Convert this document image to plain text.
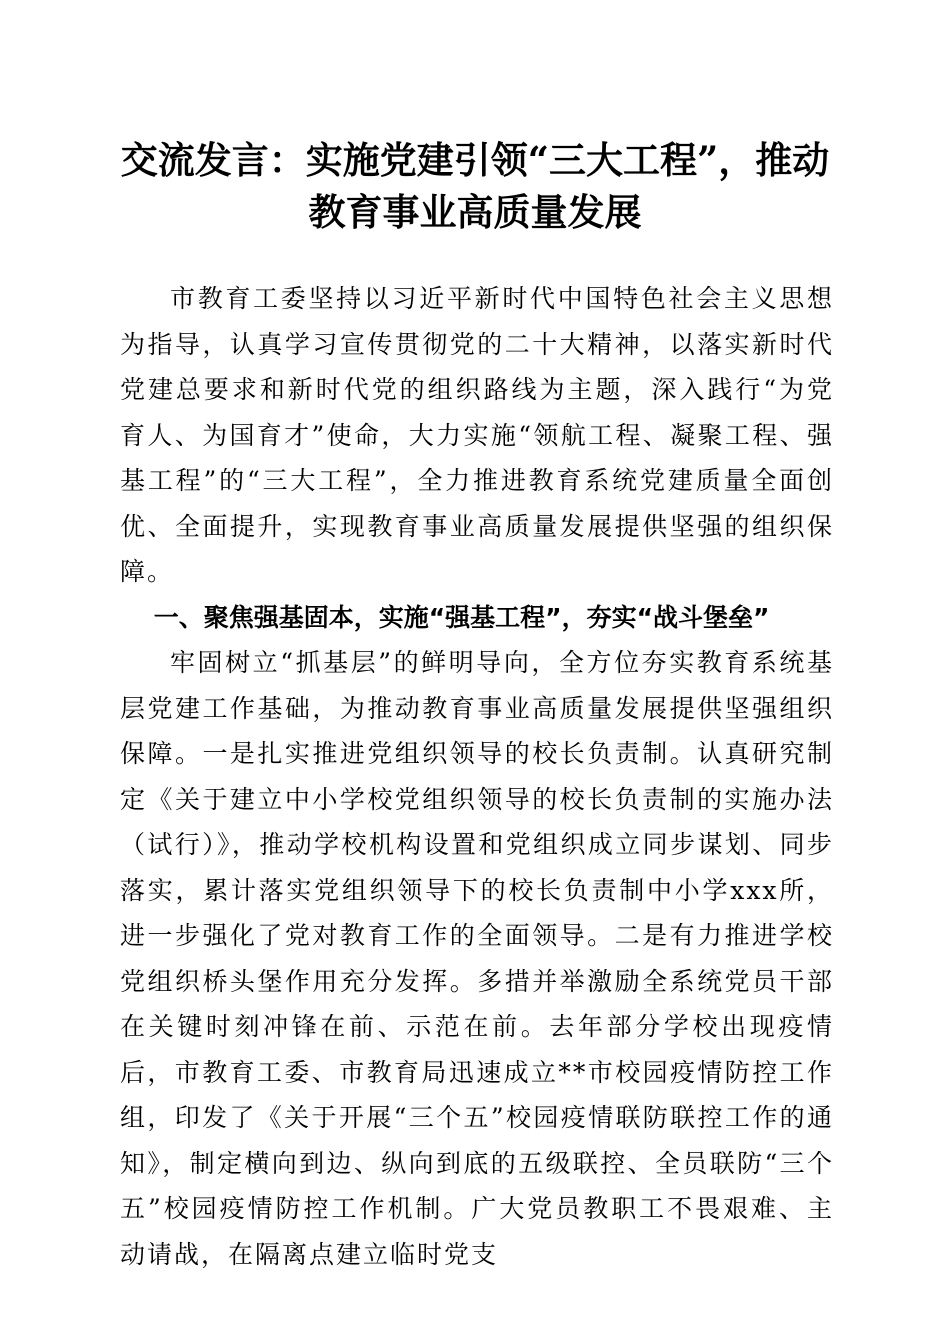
交流发言：实施党建引领“三大工程”，推动
教育事业高质量发展

市教育工委坚持以习近平新时代中国特色社会主义思想为指导，认真学习宣传贯彻党的二十大精神，以落实新时代党建总要求和新时代党的组织路线为主题，深入践行“为党育人、为国育才”使命，大力实施“领航工程、凝聚工程、强基工程”的“三大工程”，全力推进教育系统党建质量全面创优、全面提升，实现教育事业高质量发展提供坚强的组织保障。

一、聚焦强基固本，实施“强基工程”，夯实“战斗堡垒”

牢固树立“抓基层”的鲜明导向，全方位夯实教育系统基层党建工作基础，为推动教育事业高质量发展提供坚强组织保障。一是扎实推进党组织领导的校长负责制。认真研究制定《关于建立中小学校党组织领导的校长负责制的实施办法（试行）》，推动学校机构设置和党组织成立同步谋划、同步落实，累计落实党组织领导下的校长负责制中小学xxx所，进一步强化了党对教育工作的全面领导。二是有力推进学校党组织桥头堡作用充分发挥。多措并举激励全系统党员干部在关键时刻冲锋在前、示范在前。去年部分学校出现疫情后，市教育工委、市教育局迅速成立**市校园疫情防控工作组，印发了《关于开展“三个五”校园疫情联防联控工作的通知》，制定横向到边、纵向到底的五级联控、全员联防“三个五”校园疫情防控工作机制。广大党员教职工不畏艰难、主动请战，在隔离点建立临时党支
